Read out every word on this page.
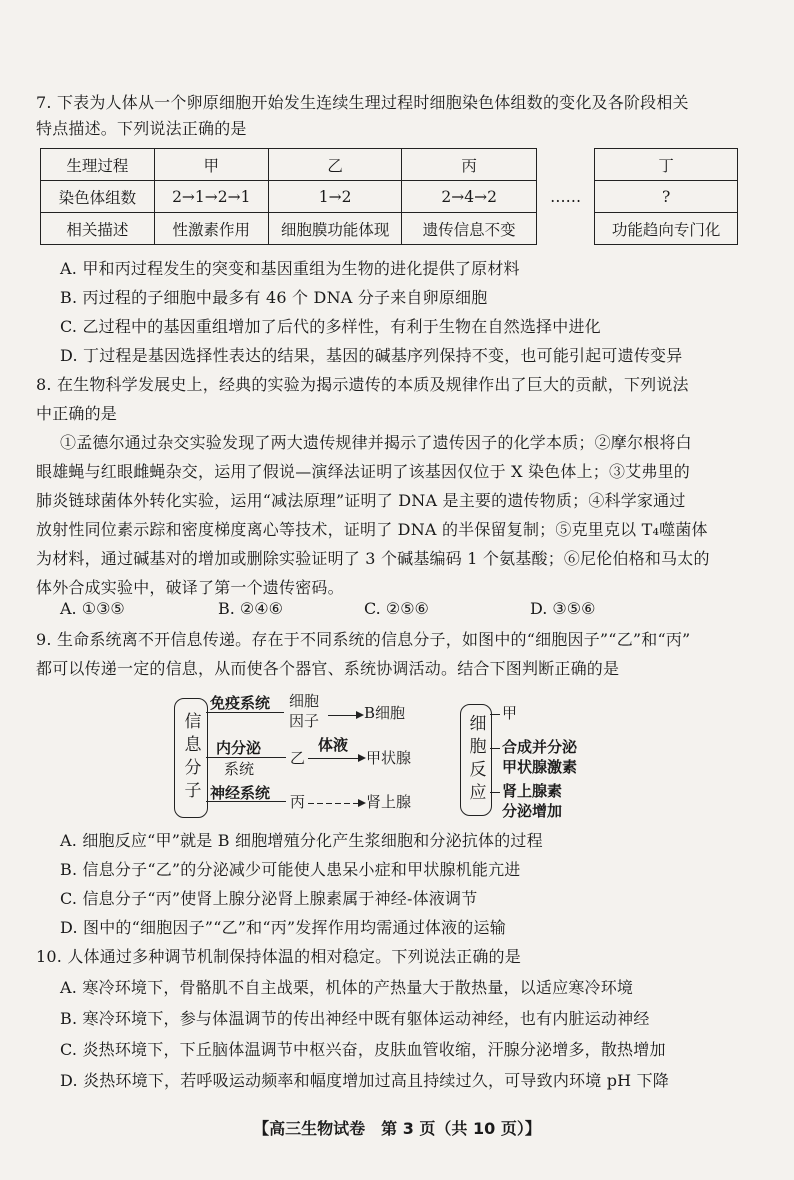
7. 下表为人体从一个卵原细胞开始发生连续生理过程时细胞染色体组数的变化及各阶段相关
特点描述。下列说法正确的是
生理过程	甲	乙	丙	……	丁
染色体组数	2→1→2→1	1→2	2→4→2		?
相关描述	性激素作用	细胞膜功能体现	遗传信息不变		功能趋向专门化
A. 甲和丙过程发生的突变和基因重组为生物的进化提供了原材料
B. 丙过程的子细胞中最多有 46 个 DNA 分子来自卵原细胞
C. 乙过程中的基因重组增加了后代的多样性，有利于生物在自然选择中进化
D. 丁过程是基因选择性表达的结果，基因的碱基序列保持不变，也可能引起可遗传变异
8. 在生物科学发展史上，经典的实验为揭示遗传的本质及规律作出了巨大的贡献，下列说法
中正确的是
①孟德尔通过杂交实验发现了两大遗传规律并揭示了遗传因子的化学本质；②摩尔根将白
眼雄蝇与红眼雌蝇杂交，运用了假说—演绎法证明了该基因仅位于 X 染色体上；③艾弗里的
肺炎链球菌体外转化实验，运用“减法原理”证明了 DNA 是主要的遗传物质；④科学家通过
放射性同位素示踪和密度梯度离心等技术，证明了 DNA 的半保留复制；⑤克里克以 T₄噬菌体
为材料，通过碱基对的增加或删除实验证明了 3 个碱基编码 1 个氨基酸；⑥尼伦伯格和马太的
体外合成实验中，破译了第一个遗传密码。
A. ①③⑤	B. ②④⑥	C. ②⑤⑥	D. ③⑤⑥
9. 生命系统离不开信息传递。存在于不同系统的信息分子，如图中的“细胞因子”“乙”和“丙”
都可以传递一定的信息，从而使各个器官、系统协调活动。结合下图判断正确的是
信息分子
免疫系统 细胞
因子	B细胞
内分泌
系统
乙
体液
甲状腺
神经系统 丙	肾上腺	细胞反应
甲
合成并分泌
甲状腺激素
肾上腺素
分泌增加
A. 细胞反应“甲”就是 B 细胞增殖分化产生浆细胞和分泌抗体的过程
B. 信息分子“乙”的分泌减少可能使人患呆小症和甲状腺机能亢进
C. 信息分子“丙”使肾上腺分泌肾上腺素属于神经-体液调节
D. 图中的“细胞因子”“乙”和“丙”发挥作用均需通过体液的运输
10. 人体通过多种调节机制保持体温的相对稳定。下列说法正确的是
A. 寒冷环境下，骨骼肌不自主战栗，机体的产热量大于散热量，以适应寒冷环境
B. 寒冷环境下，参与体温调节的传出神经中既有躯体运动神经，也有内脏运动神经
C. 炎热环境下，下丘脑体温调节中枢兴奋，皮肤血管收缩，汗腺分泌增多，散热增加
D. 炎热环境下，若呼吸运动频率和幅度增加过高且持续过久，可导致内环境 pH 下降
【高三生物试卷　第 3 页（共 10 页）】
